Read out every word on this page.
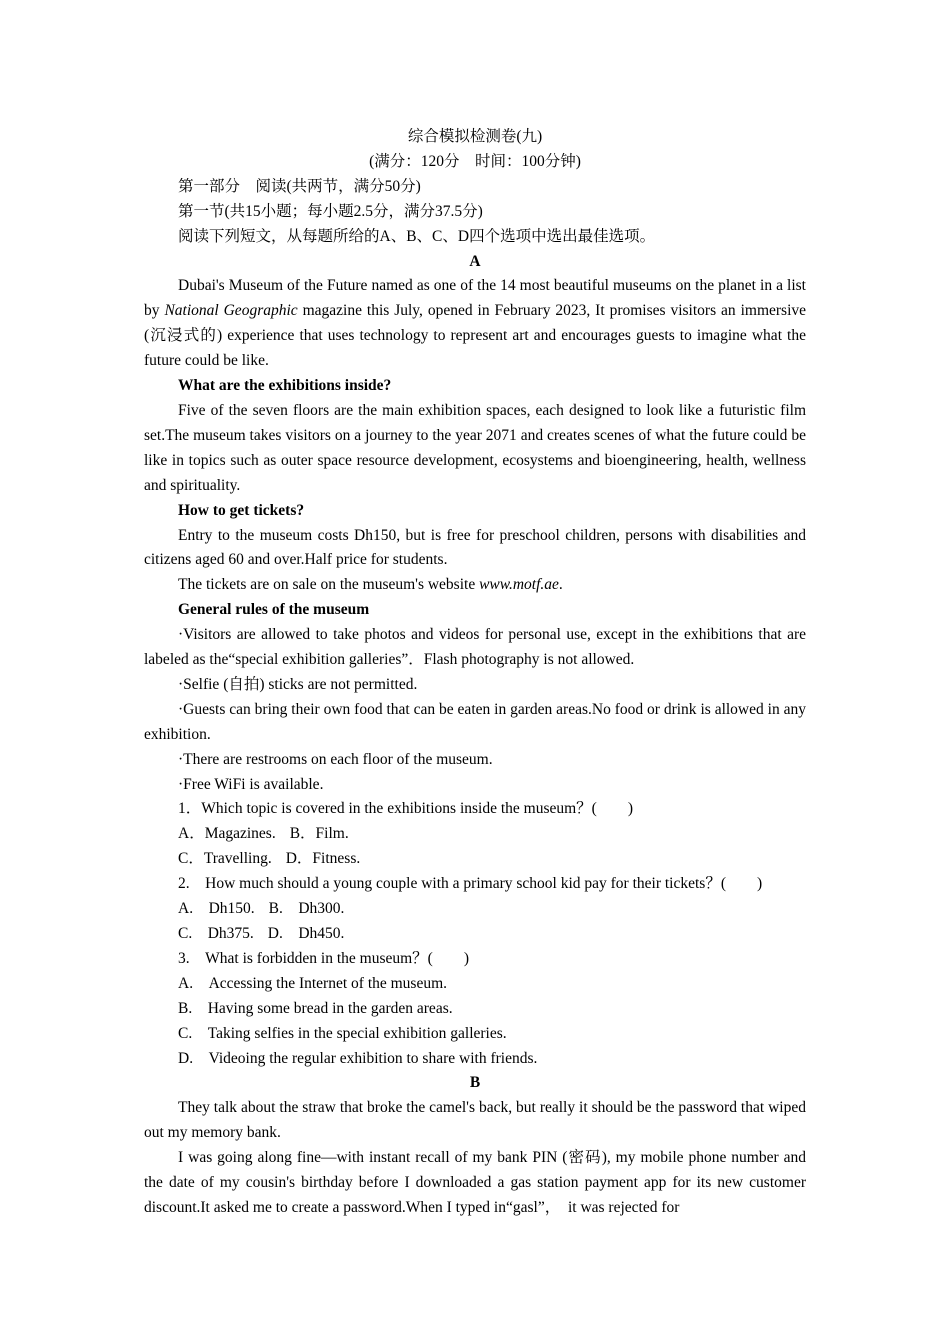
综合模拟检测卷(九)

(满分：120分　时间：100分钟)

第一部分　阅读(共两节，满分50分)

第一节(共15小题；每小题2.5分，满分37.5分)

阅读下列短文，从每题所给的A、B、C、D四个选项中选出最佳选项。

A

Dubai's Museum of the Future named as one of the 14 most beautiful museums on the planet in a list by National Geographic magazine this July, opened in February 2023, It promises visitors an immersive (沉浸式的) experience that uses technology to represent art and encourages guests to imagine what the future could be like.

What are the exhibitions inside?

Five of the seven floors are the main exhibition spaces, each designed to look like a futuristic film set.The museum takes visitors on a journey to the year 2071 and creates scenes of what the future could be like in topics such as outer space resource development, ecosystems and bioengineering, health, wellness and spirituality.

How to get tickets?

Entry to the museum costs Dh150, but is free for preschool children, persons with disabilities and citizens aged 60 and over.Half price for students.

The tickets are on sale on the museum's website www.motf.ae.

General rules of the museum

·Visitors are allowed to take photos and videos for personal use, except in the exhibitions that are labeled as the“special exhibition galleries”．Flash photography is not allowed.

·Selfie (自拍) sticks are not permitted.

·Guests can bring their own food that can be eaten in garden areas.No food or drink is allowed in any exhibition.

·There are restrooms on each floor of the museum.

·Free WiFi is available.

1．Which topic is covered in the exhibitions inside the museum？(　　)

A．Magazines. B．Film.

C．Travelling. D．Fitness.

2.　How much should a young couple with a primary school kid pay for their tickets？(　　)

A.　Dh150. B.　Dh300.

C.　Dh375. D.　Dh450.

3.　What is forbidden in the museum？(　　)

A.　Accessing the Internet of the museum.

B.　Having some bread in the garden areas.

C.　Taking selfies in the special exhibition galleries.

D.　Videoing the regular exhibition to share with friends.

B

They talk about the straw that broke the camel's back, but really it should be the password that wiped out my memory bank.

I was going along fine—with instant recall of my bank PIN (密码), my mobile phone number and the date of my cousin's birthday before I downloaded a gas station payment app for its new customer discount.It asked me to create a password.When I typed in“gasl”，　it was rejected for
